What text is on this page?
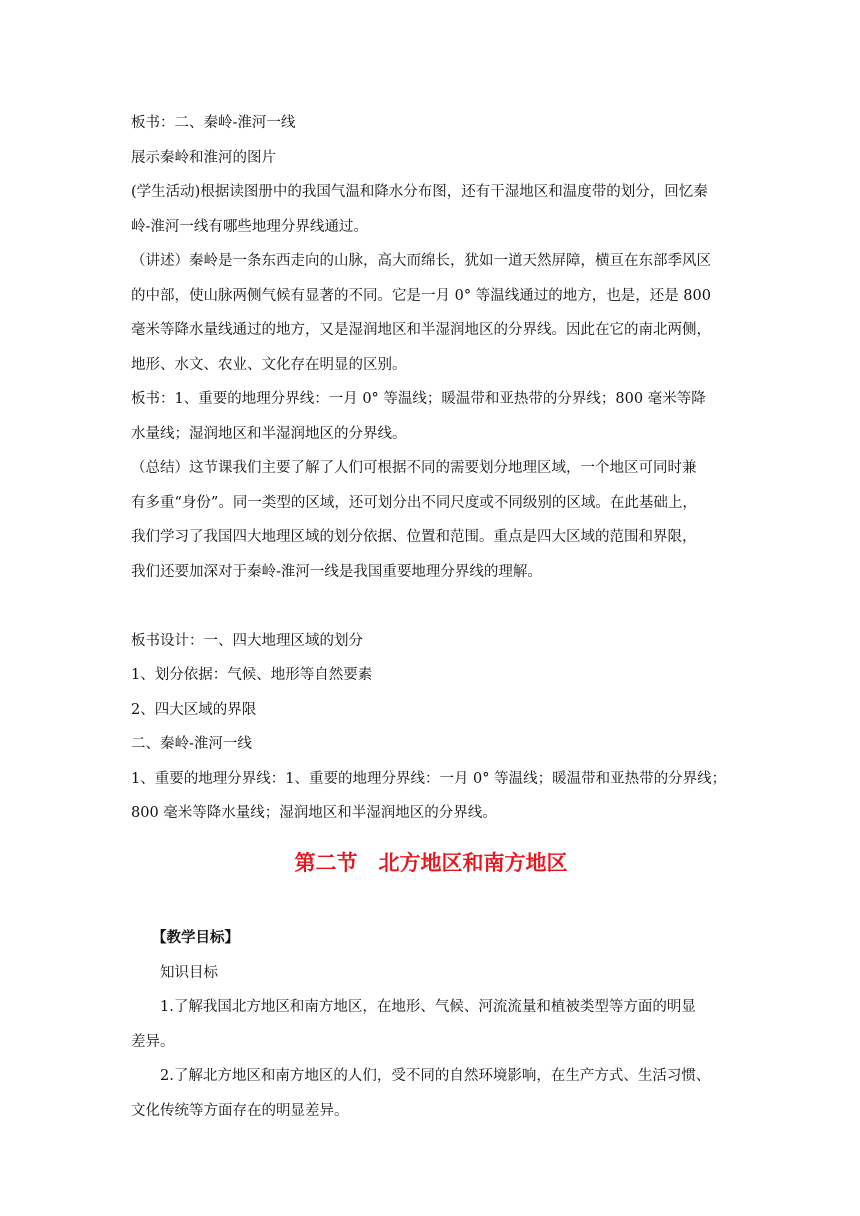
板书：二、秦岭-淮河一线
展示秦岭和淮河的图片
(学生活动)根据读图册中的我国气温和降水分布图，还有干湿地区和温度带的划分，回忆秦
岭-淮河一线有哪些地理分界线通过。
（讲述）秦岭是一条东西走向的山脉，高大而绵长，犹如一道天然屏障，横亘在东部季风区
的中部，使山脉两侧气候有显著的不同。它是一月 0° 等温线通过的地方，也是，还是 800
毫米等降水量线通过的地方，又是湿润地区和半湿润地区的分界线。因此在它的南北两侧，
地形、水文、农业、文化存在明显的区别。
板书：1、重要的地理分界线：一月 0° 等温线；暖温带和亚热带的分界线；800 毫米等降
水量线；湿润地区和半湿润地区的分界线。
（总结）这节课我们主要了解了人们可根据不同的需要划分地理区域，一个地区可同时兼
有多重“身份”。同一类型的区域，还可划分出不同尺度或不同级别的区域。在此基础上，
我们学习了我国四大地理区域的划分依据、位置和范围。重点是四大区域的范围和界限，
我们还要加深对于秦岭-淮河一线是我国重要地理分界线的理解。
板书设计：一、四大地理区域的划分
1、划分依据：气候、地形等自然要素
2、四大区域的界限
二、秦岭-淮河一线
1、重要的地理分界线：1、重要的地理分界线：一月 0° 等温线；暖温带和亚热带的分界线；
800 毫米等降水量线；湿润地区和半湿润地区的分界线。
第二节　北方地区和南方地区
【教学目标】
知识目标
1.了解我国北方地区和南方地区，在地形、气候、河流流量和植被类型等方面的明显
差异。
2.了解北方地区和南方地区的人们，受不同的自然环境影响，在生产方式、生活习惯、
文化传统等方面存在的明显差异。
